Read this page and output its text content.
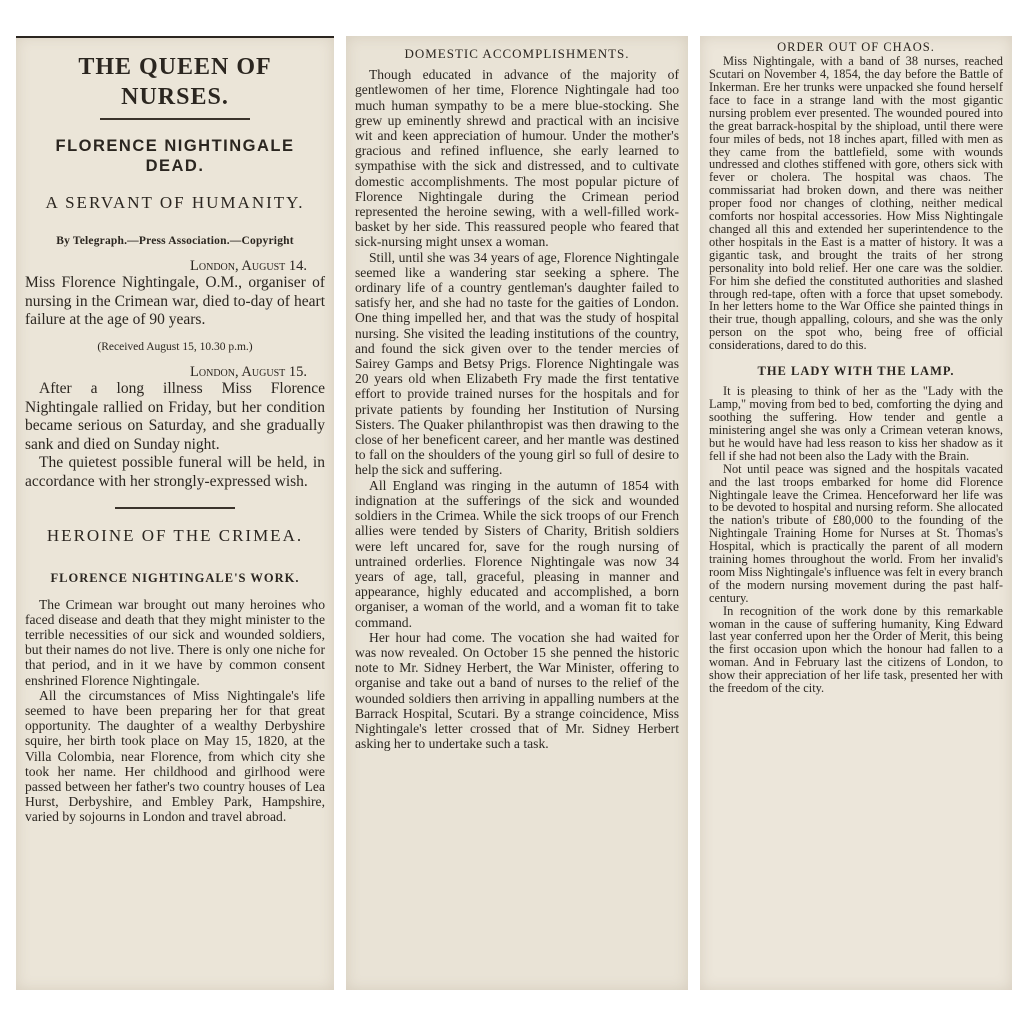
THE QUEEN OF NURSES.
FLORENCE NIGHTINGALE DEAD.
A SERVANT OF HUMANITY.
By Telegraph.—Press Association.—Copyright
London, August 14.
Miss Florence Nightingale, O.M., organiser of nursing in the Crimean war, died to-day of heart failure at the age of 90 years.
(Received August 15, 10.30 p.m.)
London, August 15.
After a long illness Miss Florence Nightingale rallied on Friday, but her condition became serious on Saturday, and she gradually sank and died on Sunday night.
The quietest possible funeral will be held, in accordance with her strongly-expressed wish.
HEROINE OF THE CRIMEA.
FLORENCE NIGHTINGALE'S WORK.
The Crimean war brought out many heroines who faced disease and death that they might minister to the terrible necessities of our sick and wounded soldiers, but their names do not live. There is only one niche for that period, and in it we have by common consent enshrined Florence Nightingale.
All the circumstances of Miss Nightingale's life seemed to have been preparing her for that great opportunity. The daughter of a wealthy Derbyshire squire, her birth took place on May 15, 1820, at the Villa Colombia, near Florence, from which city she took her name. Her childhood and girlhood were passed between her father's two country houses of Lea Hurst, Derbyshire, and Embley Park, Hampshire, varied by sojourns in London and travel abroad.
DOMESTIC ACCOMPLISHMENTS.
Though educated in advance of the majority of gentlewomen of her time, Florence Nightingale had too much human sympathy to be a mere blue-stocking. She grew up eminently shrewd and practical with an incisive wit and keen appreciation of humour. Under the mother's gracious and refined influence, she early learned to sympathise with the sick and distressed, and to cultivate domestic accomplishments. The most popular picture of Florence Nightingale during the Crimean period represented the heroine sewing, with a well-filled work-basket by her side. This reassured people who feared that sick-nursing might unsex a woman.
Still, until she was 34 years of age, Florence Nightingale seemed like a wandering star seeking a sphere. The ordinary life of a country gentleman's daughter failed to satisfy her, and she had no taste for the gaities of London. One thing impelled her, and that was the study of hospital nursing. She visited the leading institutions of the country, and found the sick given over to the tender mercies of Sairey Gamps and Betsy Prigs. Florence Nightingale was 20 years old when Elizabeth Fry made the first tentative effort to provide trained nurses for the hospitals and for private patients by founding her Institution of Nursing Sisters. The Quaker philanthropist was then drawing to the close of her beneficent career, and her mantle was destined to fall on the shoulders of the young girl so full of desire to help the sick and suffering.
All England was ringing in the autumn of 1854 with indignation at the sufferings of the sick and wounded soldiers in the Crimea. While the sick troops of our French allies were tended by Sisters of Charity, British soldiers were left uncared for, save for the rough nursing of untrained orderlies. Florence Nightingale was now 34 years of age, tall, graceful, pleasing in manner and appearance, highly educated and accomplished, a born organiser, a woman of the world, and a woman fit to take command.
Her hour had come. The vocation she had waited for was now revealed. On October 15 she penned the historic note to Mr. Sidney Herbert, the War Minister, offering to organise and take out a band of nurses to the relief of the wounded soldiers then arriving in appalling numbers at the Barrack Hospital, Scutari. By a strange coincidence, Miss Nightingale's letter crossed that of Mr. Sidney Herbert asking her to undertake such a task.
ORDER OUT OF CHAOS.
Miss Nightingale, with a band of 38 nurses, reached Scutari on November 4, 1854, the day before the Battle of Inkerman. Ere her trunks were unpacked she found herself face to face in a strange land with the most gigantic nursing problem ever presented. The wounded poured into the great barrack-hospital by the shipload, until there were four miles of beds, not 18 inches apart, filled with men as they came from the battlefield, some with wounds undressed and clothes stiffened with gore, others sick with fever or cholera. The hospital was chaos. The commissariat had broken down, and there was neither proper food nor changes of clothing, neither medical comforts nor hospital accessories. How Miss Nightingale changed all this and extended her superintendence to the other hospitals in the East is a matter of history. It was a gigantic task, and brought the traits of her strong personality into bold relief. Her one care was the soldier. For him she defied the constituted authorities and slashed through red-tape, often with a force that upset somebody. In her letters home to the War Office she painted things in their true, though appalling, colours, and she was the only person on the spot who, being free of official considerations, dared to do this.
THE LADY WITH THE LAMP.
It is pleasing to think of her as the "Lady with the Lamp," moving from bed to bed, comforting the dying and soothing the suffering. How tender and gentle a ministering angel she was only a Crimean veteran knows, but he would have had less reason to kiss her shadow as it fell if she had not been also the Lady with the Brain.
Not until peace was signed and the hospitals vacated and the last troops embarked for home did Florence Nightingale leave the Crimea. Henceforward her life was to be devoted to hospital and nursing reform. She allocated the nation's tribute of £80,000 to the founding of the Nightingale Training Home for Nurses at St. Thomas's Hospital, which is practically the parent of all modern training homes throughout the world. From her invalid's room Miss Nightingale's influence was felt in every branch of the modern nursing movement during the past half-century.
In recognition of the work done by this remarkable woman in the cause of suffering humanity, King Edward last year conferred upon her the Order of Merit, this being the first occasion upon which the honour had fallen to a woman. And in February last the citizens of London, to show their appreciation of her life task, presented her with the freedom of the city.
